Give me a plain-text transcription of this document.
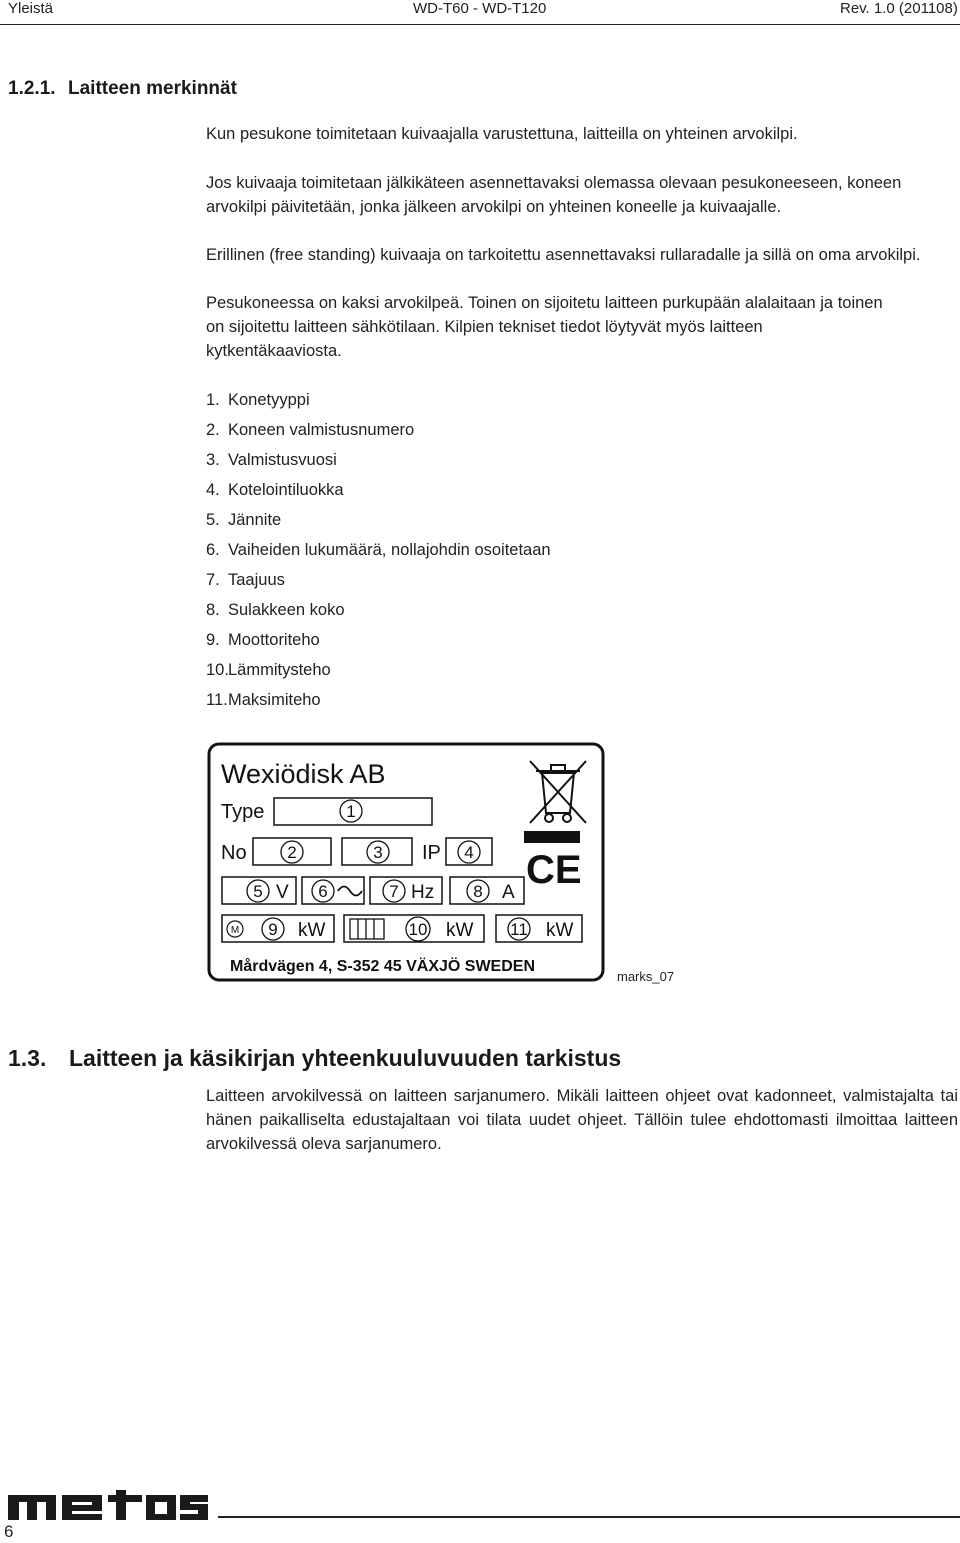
Yleistä	WD-T60 - WD-T120	Rev. 1.0 (201108)
1.2.1. Laitteen merkinnät
Kun pesukone toimitetaan kuivaajalla varustettuna, laitteilla on yhteinen arvokilpi.
Jos kuivaaja toimitetaan jälkikäteen asennettavaksi olemassa olevaan pesukoneeseen, koneen arvokilpi päivitetään, jonka jälkeen arvokilpi on yhteinen koneelle ja kuivaajalle.
Erillinen (free standing) kuivaaja on tarkoitettu asennettavaksi rullaradalle ja sillä on oma arvokilpi.
Pesukoneessa on kaksi arvokilpeä. Toinen on sijoitetu laitteen purkupään alalaitaan ja toinen on sijoitettu laitteen sähkötilaan. Kilpien tekniset tiedot löytyvät myös laitteen kytkentäkaaviosta.
1. Konetyyppi
2. Koneen valmistusnumero
3. Valmistusvuosi
4. Kotelointiluokka
5. Jännite
6. Vaiheiden lukumäärä, nollajohdin osoitetaan
7. Taajuus
8. Sulakkeen koko
9. Moottoriteho
10.Lämmitysteho
11.Maksimiteho
Wexiödisk AB
Type	1
No 2	3 IP 4 CE
5 V 6	7 Hz 8 A
M 9 kW	10 kW 11 kW
Mårdvägen 4, S-352 45 VÄXJÖ SWEDEN
marks_07
1.3. Laitteen ja käsikirjan yhteenkuuluvuuden tarkistus
Laitteen arvokilvessä on laitteen sarjanumero. Mikäli laitteen ohjeet ovat kadonneet, valmistajalta tai hänen paikalliselta edustajaltaan voi tilata uudet ohjeet. Tällöin tulee ehdottomasti ilmoittaa laitteen arvokilvessä oleva sarjanumero.
metos
6
